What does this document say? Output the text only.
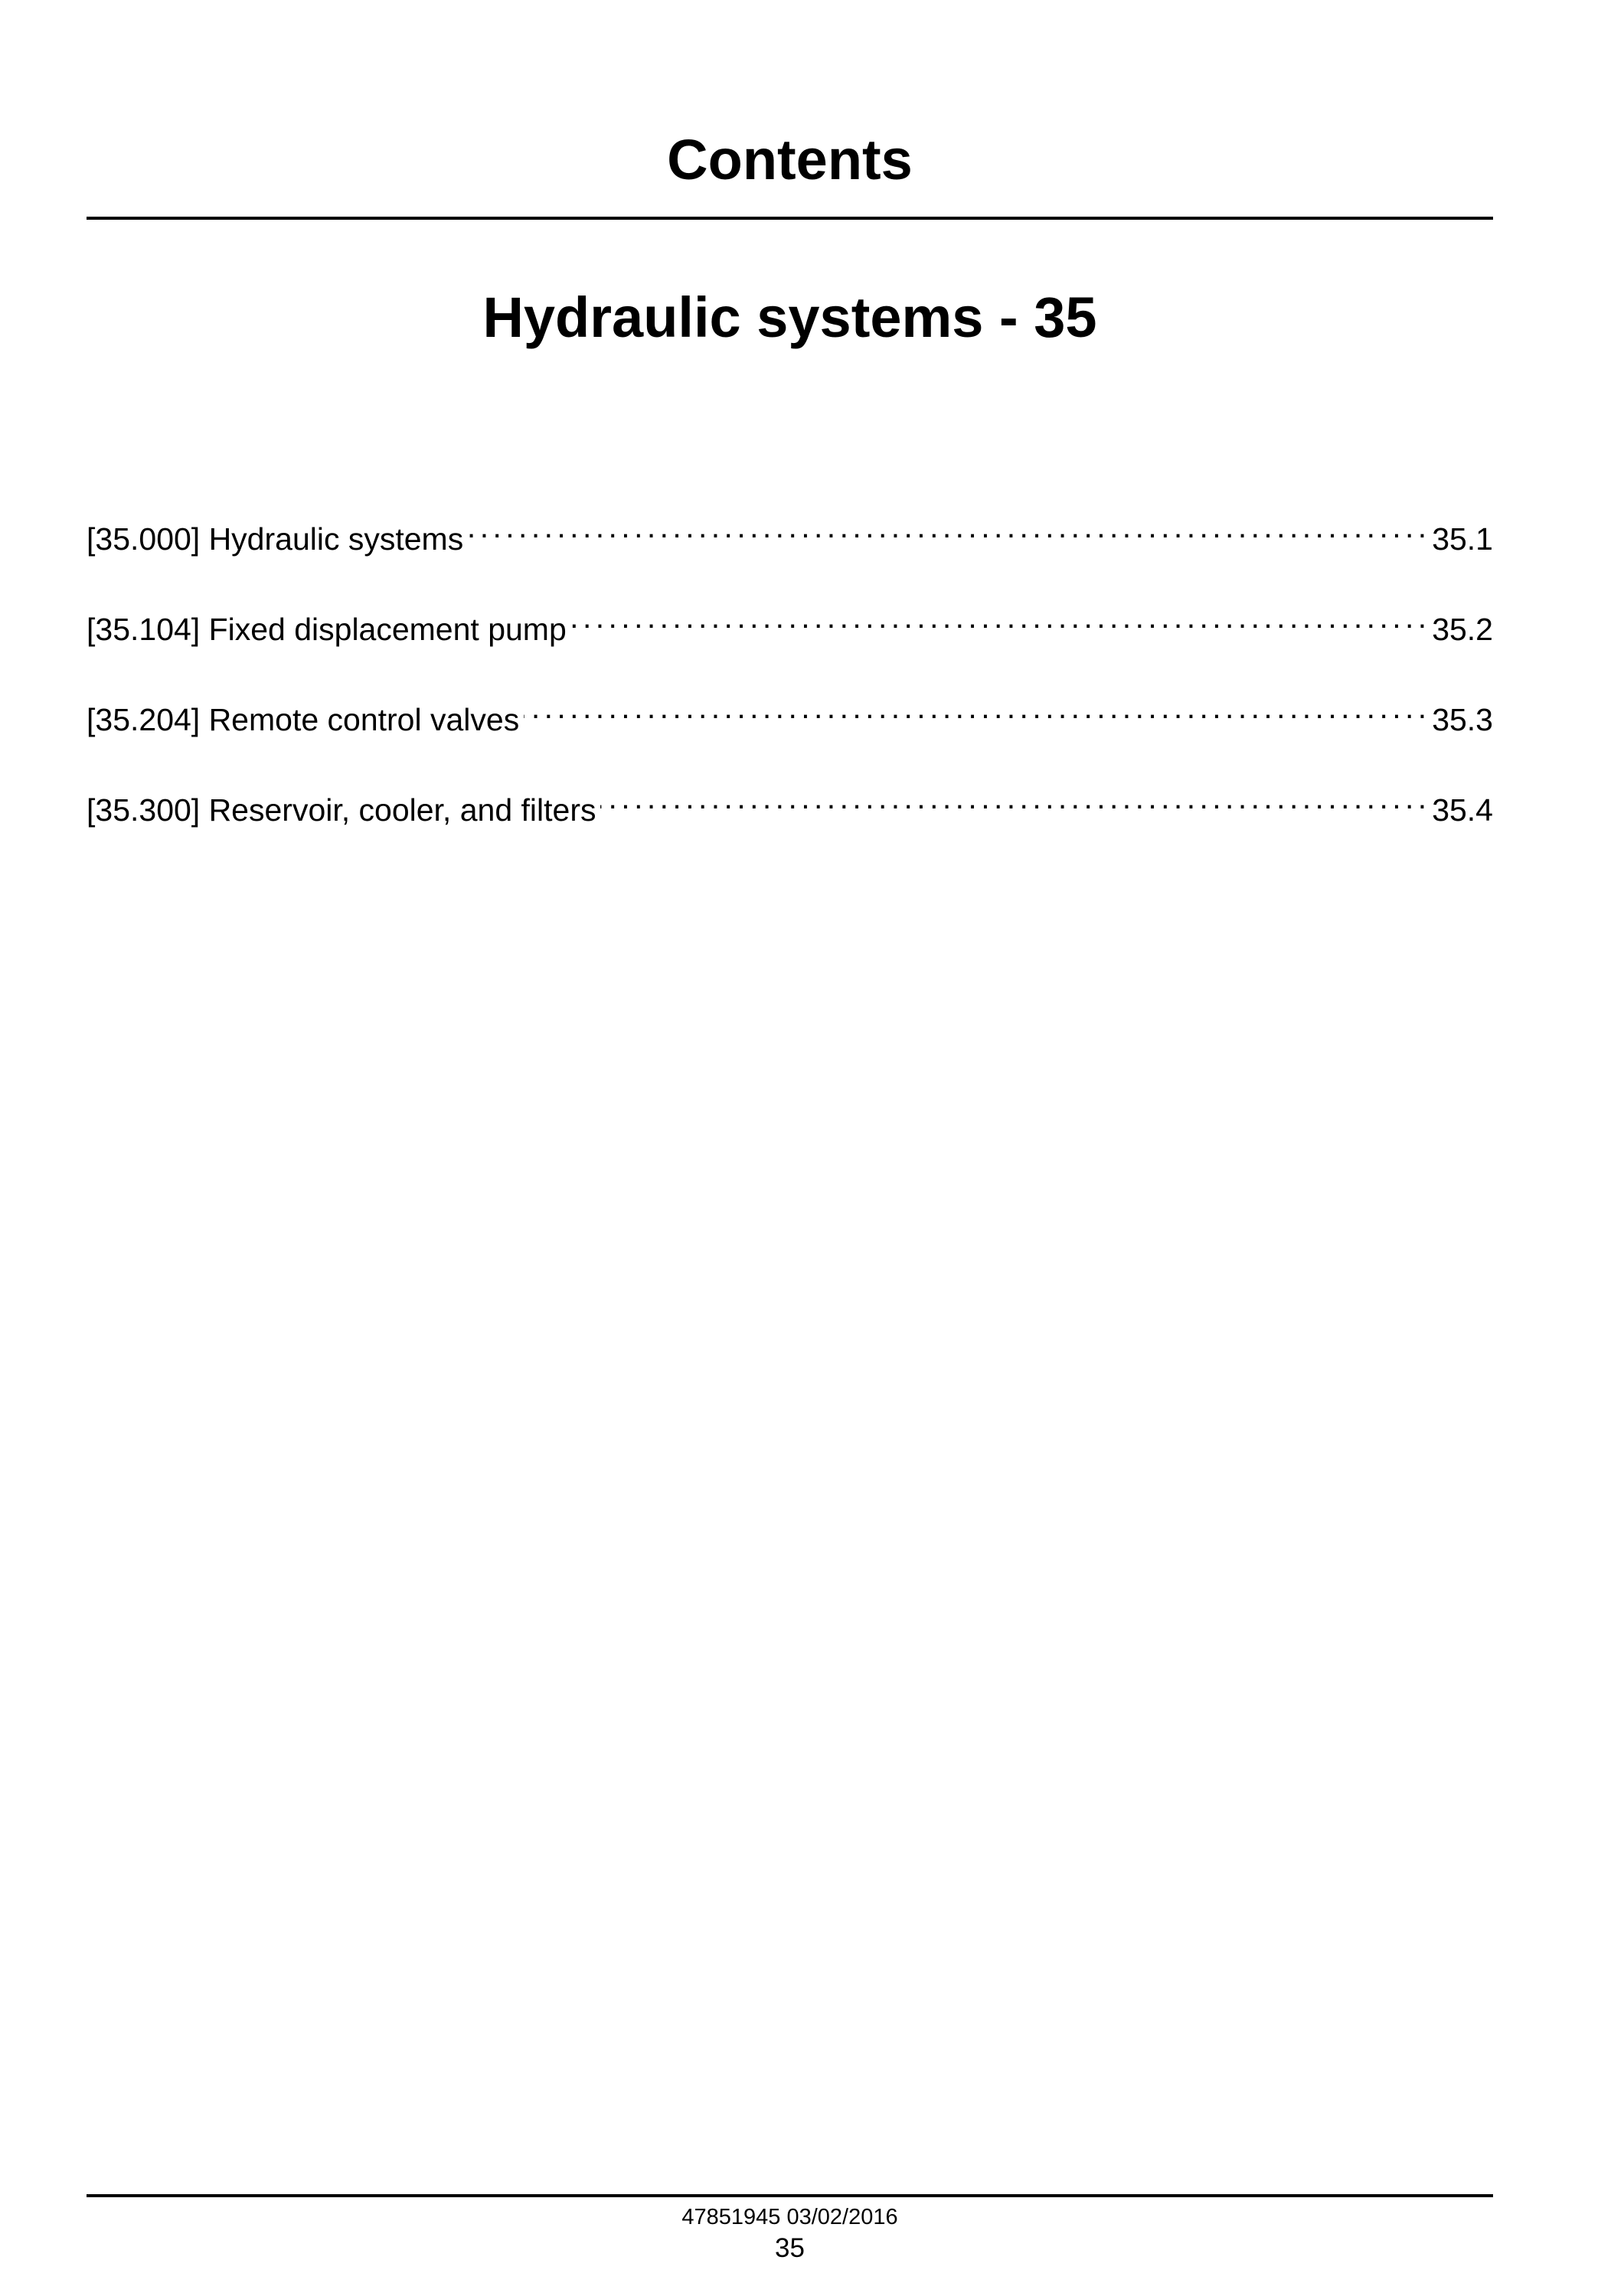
Contents
Hydraulic systems - 35
[35.000] Hydraulic systems . . .	35.1
[35.104] Fixed displacement pump . . .	35.2
[35.204] Remote control valves . . .	35.3
[35.300] Reservoir, cooler, and filters . . .	35.4
47851945 03/02/2016
35
